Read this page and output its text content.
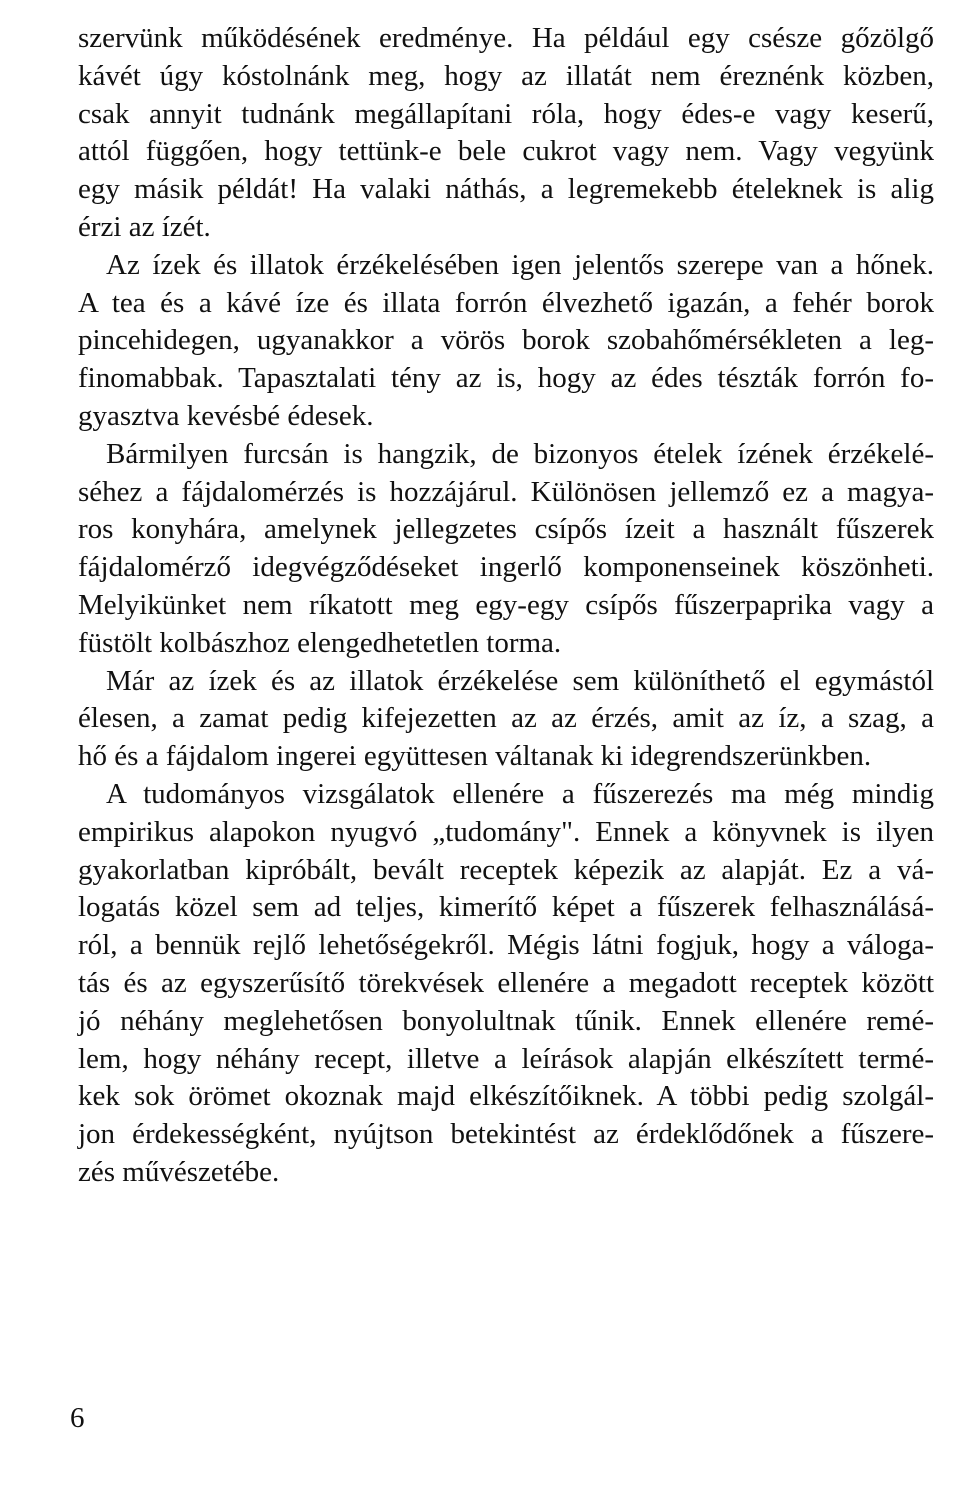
szervünk működésének eredménye. Ha például egy csésze gőzölgő
kávét úgy kóstolnánk meg, hogy az illatát nem éreznénk közben,
csak annyit tudnánk megállapítani róla, hogy édes-e vagy keserű,
attól függően, hogy tettünk-e bele cukrot vagy nem. Vagy vegyünk
egy másik példát! Ha valaki náthás, a legremekebb ételeknek is alig
érzi az ízét.
Az ízek és illatok érzékelésében igen jelentős szerepe van a hőnek.
A tea és a kávé íze és illata forrón élvezhető igazán, a fehér borok
pincehidegen, ugyanakkor a vörös borok szobahőmérsékleten a leg-
finomabbak. Tapasztalati tény az is, hogy az édes tészták forrón fo-
gyasztva kevésbé édesek.
Bármilyen furcsán is hangzik, de bizonyos ételek ízének érzékelé-
séhez a fájdalomérzés is hozzájárul. Különösen jellemző ez a magya-
ros konyhára, amelynek jellegzetes csípős ízeit a használt fűszerek
fájdalomérző idegvégződéseket ingerlő komponenseinek köszönheti.
Melyikünket nem ríkatott meg egy-egy csípős fűszerpaprika vagy a
füstölt kolbászhoz elengedhetetlen torma.
Már az ízek és az illatok érzékelése sem különíthető el egymástól
élesen, a zamat pedig kifejezetten az az érzés, amit az íz, a szag, a
hő és a fájdalom ingerei együttesen váltanak ki idegrendszerünkben.
A tudományos vizsgálatok ellenére a fűszerezés ma még mindig
empirikus alapokon nyugvó „tudomány". Ennek a könyvnek is ilyen
gyakorlatban kipróbált, bevált receptek képezik az alapját. Ez a vá-
logatás közel sem ad teljes, kimerítő képet a fűszerek felhasználásá-
ról, a bennük rejlő lehetőségekről. Mégis látni fogjuk, hogy a válogа-
tás és az egyszerűsítő törekvések ellenére a megadott receptek között
jó néhány meglehetősen bonyolultnak tűnik. Ennek ellenére remé-
lem, hogy néhány recept, illetve a leírások alapján elkészített termé-
kek sok örömet okoznak majd elkészítőiknek. A többi pedig szolgál-
jon érdekességként, nyújtson betekintést az érdeklődőnek a fűszere-
zés művészetébe.
6
